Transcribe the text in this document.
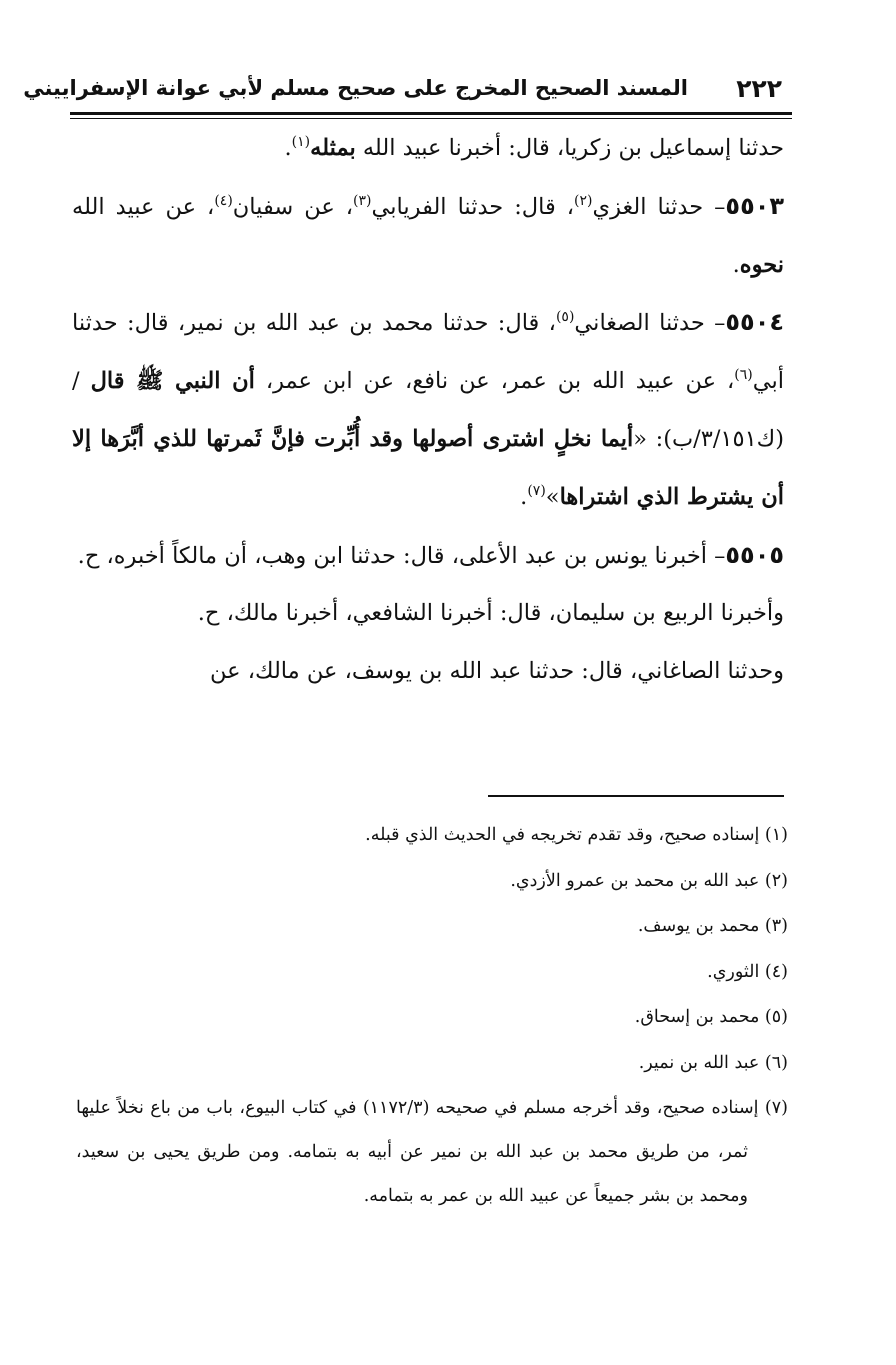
٢٢٢
المسند الصحيح المخرج على صحيح مسلم لأبي عوانة الإسفراييني

حدثنا إسماعيل بن زكريا، قال: أخبرنا عبيد الله بمثله$^{(١)}$.

٥٥٠٣– حدثنا الغزي$^{(٢)}$، قال: حدثنا الفريابي$^{(٣)}$، عن سفيان$^{(٤)}$، عن عبيد الله نحوه.

٥٥٠٤– حدثنا الصغاني$^{(٥)}$، قال: حدثنا محمد بن عبد الله بن نمير، قال: حدثنا أبي$^{(٦)}$، عن عبيد الله بن عمر، عن نافع، عن ابن عمر، أن النبي ﷺ قال / (ك٣/١٥١/ب): «أيما نخلٍ اشترى أصولها وقد أُبِّرت فإنَّ ثَمرتها للذي أبَّرَها إلا أن يشترط الذي اشتراها»$^{(٧)}$.

٥٥٠٥– أخبرنا يونس بن عبد الأعلى، قال: حدثنا ابن وهب، أن مالكاً أخبره، ح.

وأخبرنا الربيع بن سليمان، قال: أخبرنا الشافعي، أخبرنا مالك، ح.

وحدثنا الصاغاني، قال: حدثنا عبد الله بن يوسف، عن مالك، عن

(١) إسناده صحيح، وقد تقدم تخريجه في الحديث الذي قبله.

(٢) عبد الله بن محمد بن عمرو الأزدي.

(٣) محمد بن يوسف.

(٤) الثوري.

(٥) محمد بن إسحاق.

(٦) عبد الله بن نمير.

(٧) إسناده صحيح، وقد أخرجه مسلم في صحيحه (١١٧٢/٣) في كتاب البيوع، باب من باع نخلاً عليها ثمر، من طريق محمد بن عبد الله بن نمير عن أبيه به بتمامه. ومن طريق يحيى بن سعيد، ومحمد بن بشر جميعاً عن عبيد الله بن عمر به بتمامه.
